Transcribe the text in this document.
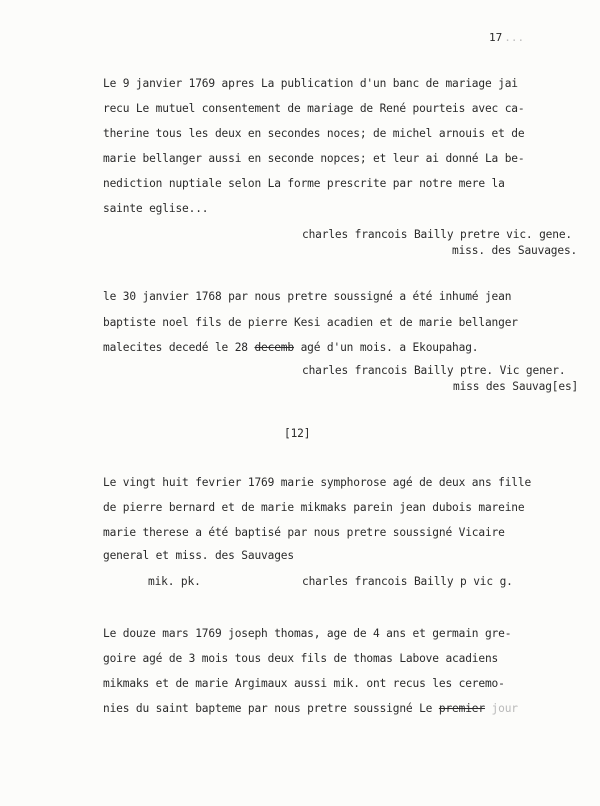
17 ...
Le 9 janvier 1769 apres La publication d'un banc de mariage jai
recu Le mutuel consentement de mariage de René pourteis avec ca-
therine tous les deux en secondes noces; de michel arnouis et de
marie bellanger aussi en seconde nopces; et leur ai donné La be-
nediction nuptiale selon La forme prescrite par notre mere la
sainte eglise...
charles francois Bailly pretre vic. gene.
miss. des Sauvages.
le 30 janvier 1768 par nous pretre soussigné a été inhumé jean
baptiste noel fils de pierre Kesi acadien et de marie bellanger
malecites decedé le 28 decemb agé d'un mois. a Ekoupahag.
charles francois Bailly ptre. Vic gener.
miss des Sauvag[es]
[12]
Le vingt huit fevrier 1769 marie symphorose agé de deux ans fille
de pierre bernard et de marie mikmaks parein jean dubois mareine
marie therese a été baptisé par nous pretre soussigné Vicaire
general et miss. des Sauvages
mik. pk.	charles francois Bailly p vic g.
Le douze mars 1769 joseph thomas, age de 4 ans et germain gre-
goire agé de 3 mois tous deux fils de thomas Labove acadiens
mikmaks et de marie Argimaux aussi mik. ont recus les ceremo-
nies du saint bapteme par nous pretre soussigné Le premier jour
